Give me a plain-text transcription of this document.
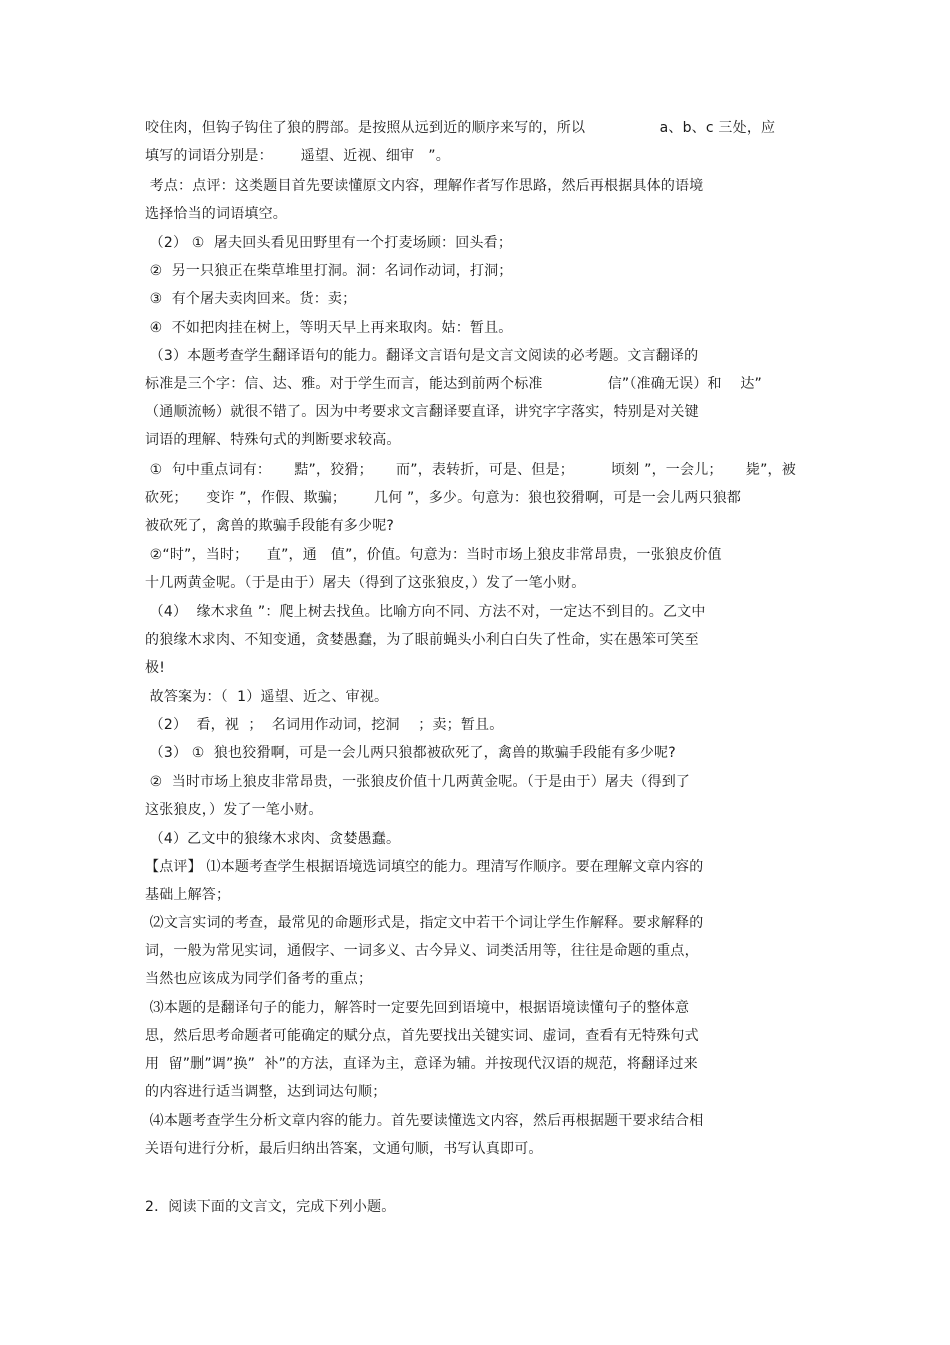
咬住肉，但钩子钩住了狼的腭部。是按照从远到近的顺序来写的，所以                a、b、c 三处，应
填写的词语分别是：      遥望、近视、细审   ”。
考点：点评：这类题目首先要读懂原文内容，理解作者写作思路，然后再根据具体的语境
选择恰当的词语填空。
（2） ①  屠夫回头看见田野里有一个打麦场顾：回头看；
②  另一只狼正在柴草堆里打洞。洞：名词作动词，打洞；
③  有个屠夫卖肉回来。货：卖；
④  不如把肉挂在树上，等明天早上再来取肉。姑：暂且。
（3）本题考查学生翻译语句的能力。翻译文言语句是文言文阅读的必考题。文言翻译的
标准是三个字：信、达、雅。对于学生而言，能达到前两个标准              信”（准确无误）和    达”
（通顺流畅）就很不错了。因为中考要求文言翻译要直译，讲究字字落实，特别是对关键
词语的理解、特殊句式的判断要求较高。
①  句中重点词有：     黠”，狡猾；     而”，表转折，可是、但是；        顷刻 ”，一会儿；     毙”，被
砍死；    变诈 ”，作假、欺骗；      几何 ”，多少。句意为：狼也狡猾啊，可是一会儿两只狼都
被砍死了，禽兽的欺骗手段能有多少呢?
②“时”，当时；    直”，通   值”，价值。句意为：当时市场上狼皮非常昂贵，一张狼皮价值
十几两黄金呢。（于是由于）屠夫（得到了这张狼皮，）发了一笔小财。
（4）  缘木求鱼 ”：爬上树去找鱼。比喻方向不同、方法不对，一定达不到目的。乙文中
的狼缘木求肉、不知变通，贪婪愚蠢，为了眼前蝇头小利白白失了性命，实在愚笨可笑至
极!
故答案为：（  1）遥望、近之、审视。
（2）  看，视  ；  名词用作动词，挖洞    ；卖；暂且。
（3） ①  狼也狡猾啊，可是一会儿两只狼都被砍死了，禽兽的欺骗手段能有多少呢?
②  当时市场上狼皮非常昂贵，一张狼皮价值十几两黄金呢。（于是由于）屠夫（得到了
这张狼皮，）发了一笔小财。
（4）乙文中的狼缘木求肉、贪婪愚蠢。
【点评】 ⑴本题考查学生根据语境选词填空的能力。理清写作顺序。要在理解文章内容的
基础上解答；
⑵文言实词的考查，最常见的命题形式是，指定文中若干个词让学生作解释。要求解释的
词，一般为常见实词，通假字、一词多义、古今异义、词类活用等，往往是命题的重点，
当然也应该成为同学们备考的重点；
⑶本题的是翻译句子的能力，解答时一定要先回到语境中，根据语境读懂句子的整体意
思，然后思考命题者可能确定的赋分点，首先要找出关键实词、虚词，查看有无特殊句式
用  留”删”调”换”  补”的方法，直译为主，意译为辅。并按现代汉语的规范，将翻译过来
的内容进行适当调整，达到词达句顺；
⑷本题考查学生分析文章内容的能力。首先要读懂选文内容，然后再根据题干要求结合相
关语句进行分析，最后归纳出答案，文通句顺，书写认真即可。
2．阅读下面的文言文，完成下列小题。
